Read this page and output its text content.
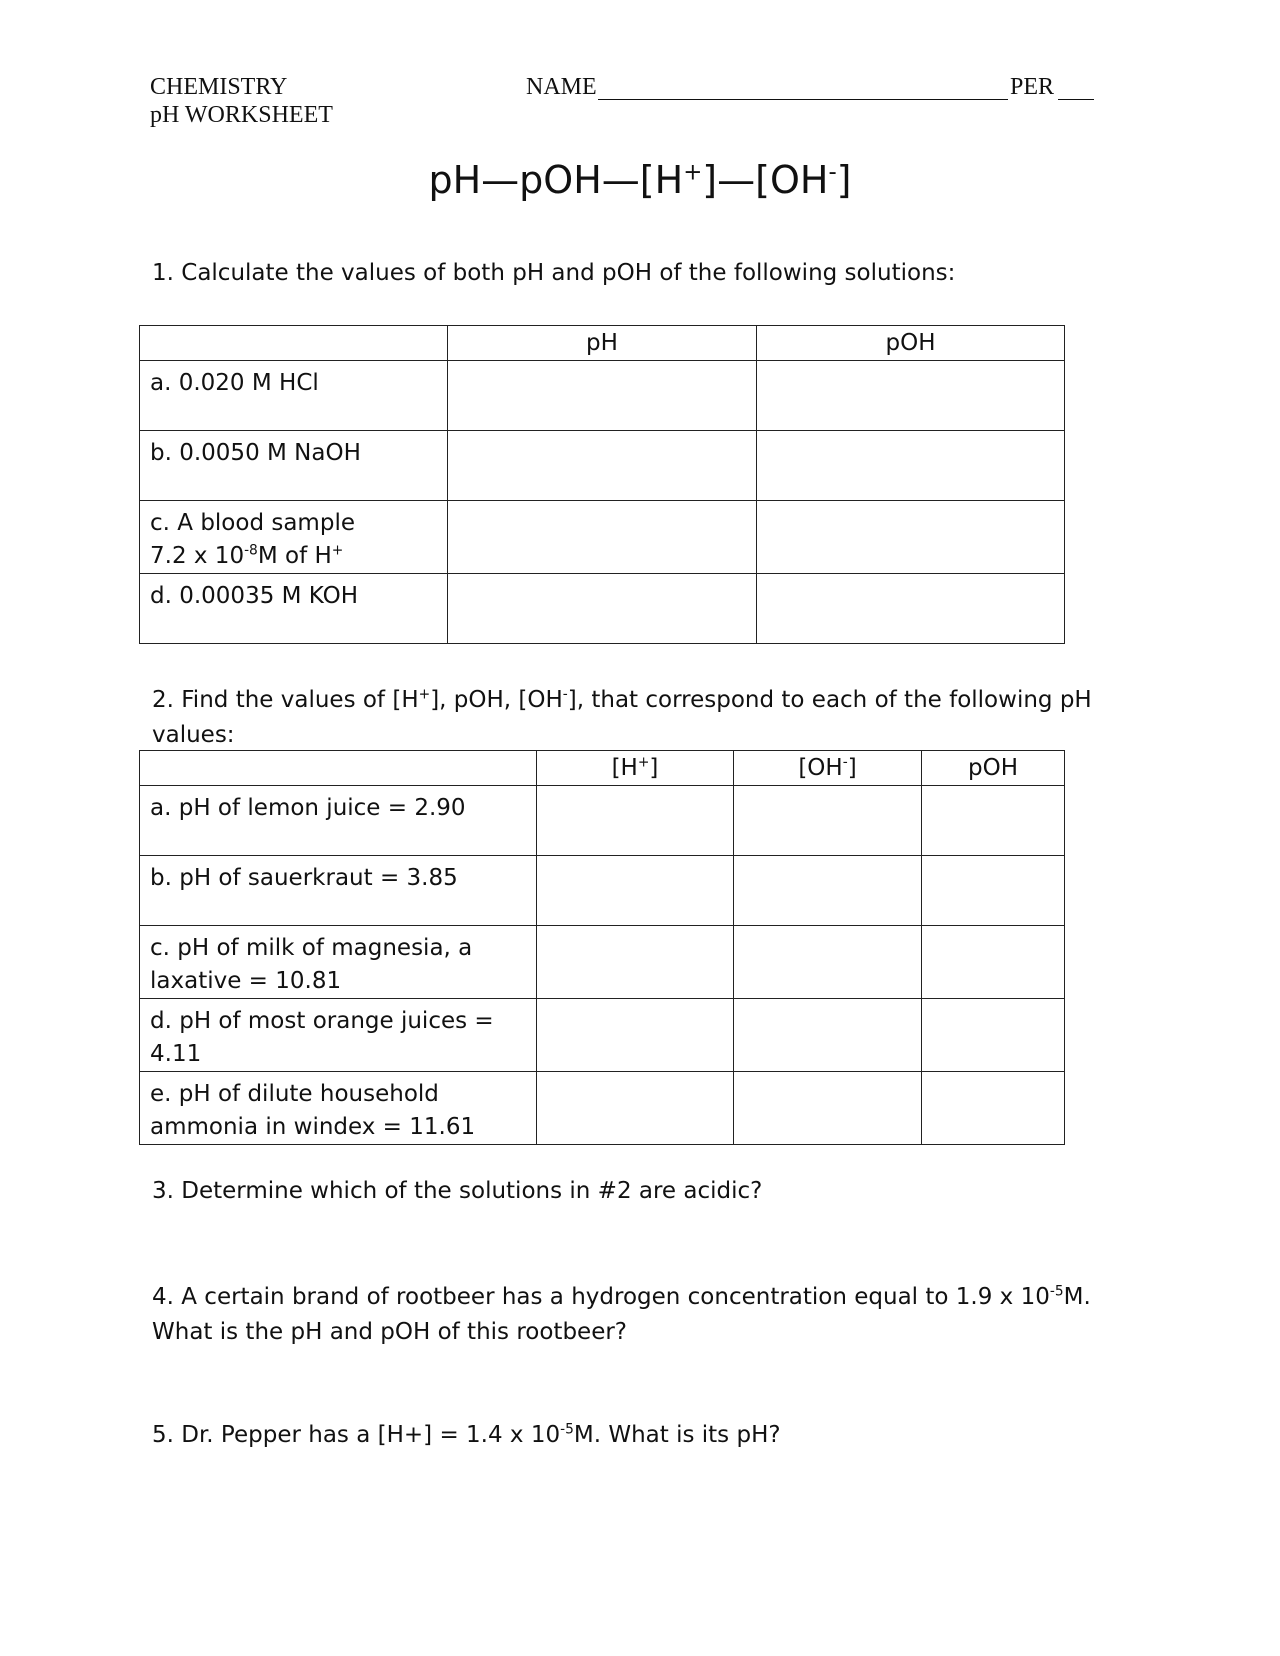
CHEMISTRY
pH WORKSHEET
NAME	PER
pH—pOH—[H+]—[OH-]
1. Calculate the values of both pH and pOH of the following solutions:
	pH	pOH

a. 0.020 M HCl		

b. 0.0050 M NaOH		

c. A blood sample
7.2 x $10^{-8}M$ of H+

d. 0.00035 M KOH		

2. Find the values of [H+], pOH, [OH-], that correspond to each of the following pH values:
	[H+]	[OH-]	pOH

a. pH of lemon juice = 2.90			

b. pH of sauerkraut = 3.85			

c. pH of milk of magnesia, a
laxative = 10.81			

d. pH of most orange juices =
4.11			

e. pH of dilute household
ammonia in windex = 11.61			

3. Determine which of the solutions in #2 are acidic?
4. A certain brand of rootbeer has a hydrogen concentration equal to 1.9 x $10^{-5}M$. What is the pH and pOH of this rootbeer?
5. Dr. Pepper has a [H+] = 1.4 x $10^{-5}M$. What is its pH?
